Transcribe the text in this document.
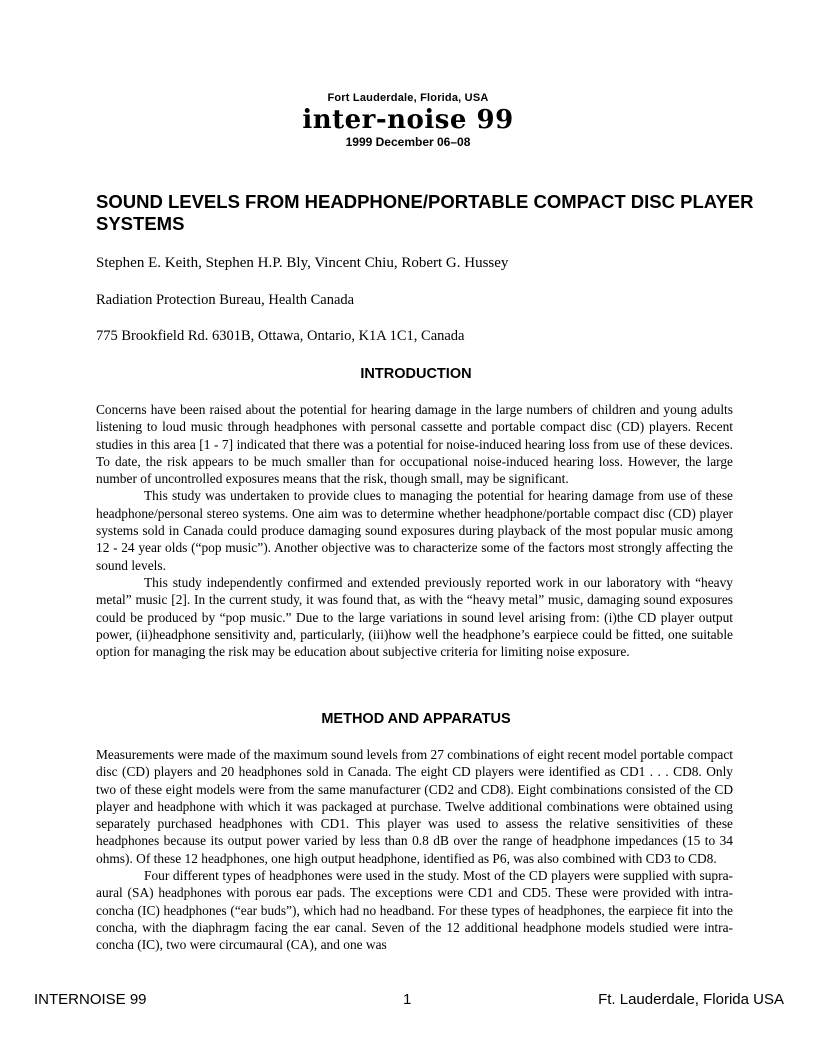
Fort Lauderdale, Florida, USA
inter-noise 99
1999 December 06–08
SOUND LEVELS FROM HEADPHONE/PORTABLE COMPACT DISC PLAYER SYSTEMS
Stephen E. Keith, Stephen H.P. Bly, Vincent Chiu, Robert G. Hussey
Radiation Protection Bureau, Health Canada
775 Brookfield Rd. 6301B, Ottawa, Ontario, K1A 1C1, Canada
INTRODUCTION

Concerns have been raised about the potential for hearing damage in the large numbers of children and young adults listening to loud music through headphones with personal cassette and portable compact disc (CD) players. Recent studies in this area [1 - 7] indicated that there was a potential for noise-induced hearing loss from use of these devices. To date, the risk appears to be much smaller than for occupational noise-induced hearing loss. However, the large number of uncontrolled exposures means that the risk, though small, may be significant.

This study was undertaken to provide clues to managing the potential for hearing damage from use of these headphone/personal stereo systems. One aim was to determine whether headphone/portable compact disc (CD) player systems sold in Canada could produce damaging sound exposures during playback of the most popular music among 12 - 24 year olds (“pop music”). Another objective was to characterize some of the factors most strongly affecting the sound levels.

This study independently confirmed and extended previously reported work in our laboratory with “heavy metal” music [2]. In the current study, it was found that, as with the “heavy metal” music, damaging sound exposures could be produced by “pop music.” Due to the large variations in sound level arising from: (i)the CD player output power, (ii)headphone sensitivity and, particularly, (iii)how well the headphone’s earpiece could be fitted, one suitable option for managing the risk may be education about subjective criteria for limiting noise exposure.

METHOD AND APPARATUS

Measurements were made of the maximum sound levels from 27 combinations of eight recent model portable compact disc (CD) players and 20 headphones sold in Canada. The eight CD players were identified as CD1 . . . CD8. Only two of these eight models were from the same manufacturer (CD2 and CD8). Eight combinations consisted of the CD player and headphone with which it was packaged at purchase. Twelve additional combinations were obtained using separately purchased headphones with CD1. This player was used to assess the relative sensitivities of these headphones because its output power varied by less than 0.8 dB over the range of headphone impedances (15 to 34 ohms). Of these 12 headphones, one high output headphone, identified as P6, was also combined with CD3 to CD8.

Four different types of headphones were used in the study. Most of the CD players were supplied with supra-aural (SA) headphones with porous ear pads. The exceptions were CD1 and CD5. These were provided with intra-concha (IC) headphones (“ear buds”), which had no headband. For these types of headphones, the earpiece fit into the concha, with the diaphragm facing the ear canal. Seven of the 12 additional headphone models studied were intra-concha (IC), two were circumaural (CA), and one was

INTERNOISE 99	1	Ft. Lauderdale, Florida USA
